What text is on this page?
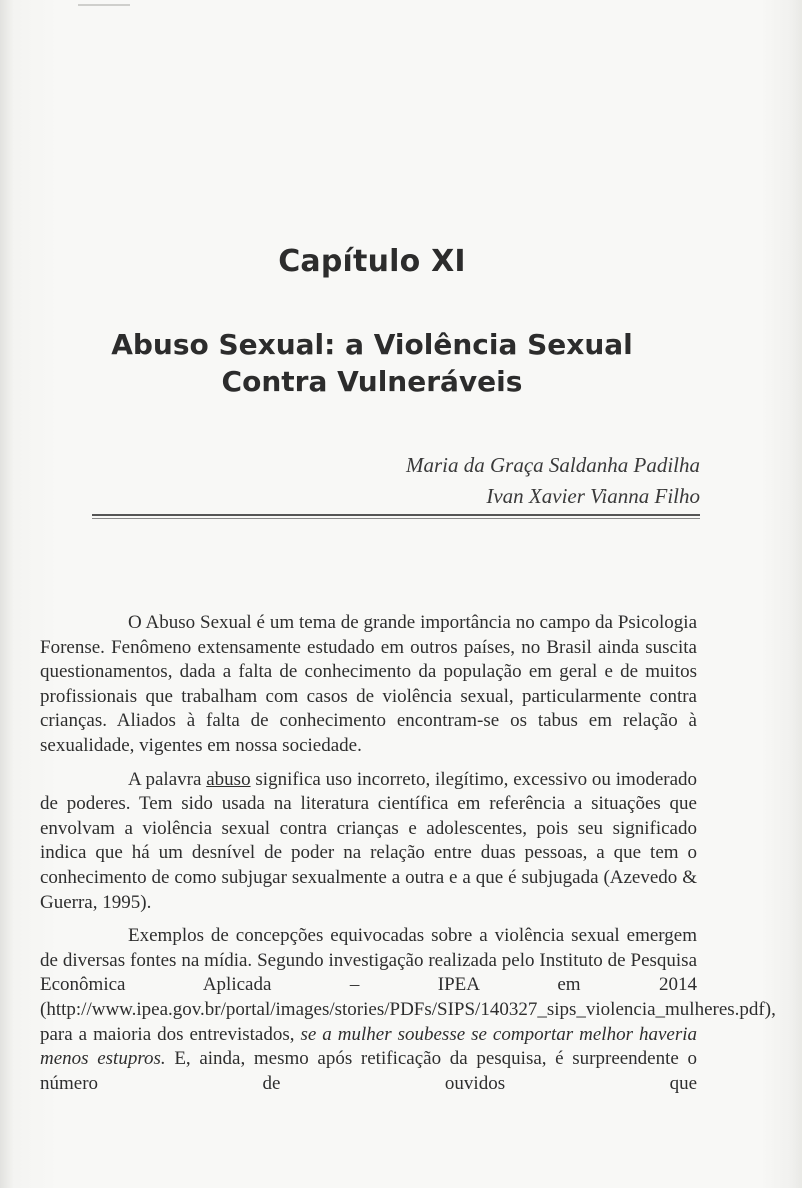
Capítulo XI
Abuso Sexual: a Violência Sexual
Contra Vulneráveis
Maria da Graça Saldanha Padilha
Ivan Xavier Vianna Filho

O Abuso Sexual é um tema de grande importância no campo da Psicologia Forense. Fenômeno extensamente estudado em outros países, no Brasil ainda suscita questionamentos, dada a falta de conhecimento da população em geral e de muitos profissionais que trabalham com casos de violência sexual, particularmente contra crianças. Aliados à falta de conhecimento encontram-se os tabus em relação à sexualidade, vigentes em nossa sociedade.

A palavra abuso significa uso incorreto, ilegítimo, excessivo ou imoderado de poderes. Tem sido usada na literatura científica em referência a situações que envolvam a violência sexual contra crianças e adolescentes, pois seu significado indica que há um desnível de poder na relação entre duas pessoas, a que tem o conhecimento de como subjugar sexualmente a outra e a que é subjugada (Azevedo & Guerra, 1995).

Exemplos de concepções equivocadas sobre a violência sexual emergem de diversas fontes na mídia. Segundo investigação realizada pelo Instituto de Pesquisa Econômica Aplicada – IPEA em 2014 (http://www.ipea.gov.br/portal/images/stories/PDFs/SIPS/140327_sips_violencia_mulheres.pdf), para a maioria dos entrevistados, se a mulher soubesse se comportar melhor haveria menos estupros. E, ainda, mesmo após retificação da pesquisa, é surpreendente o número de ouvidos que
